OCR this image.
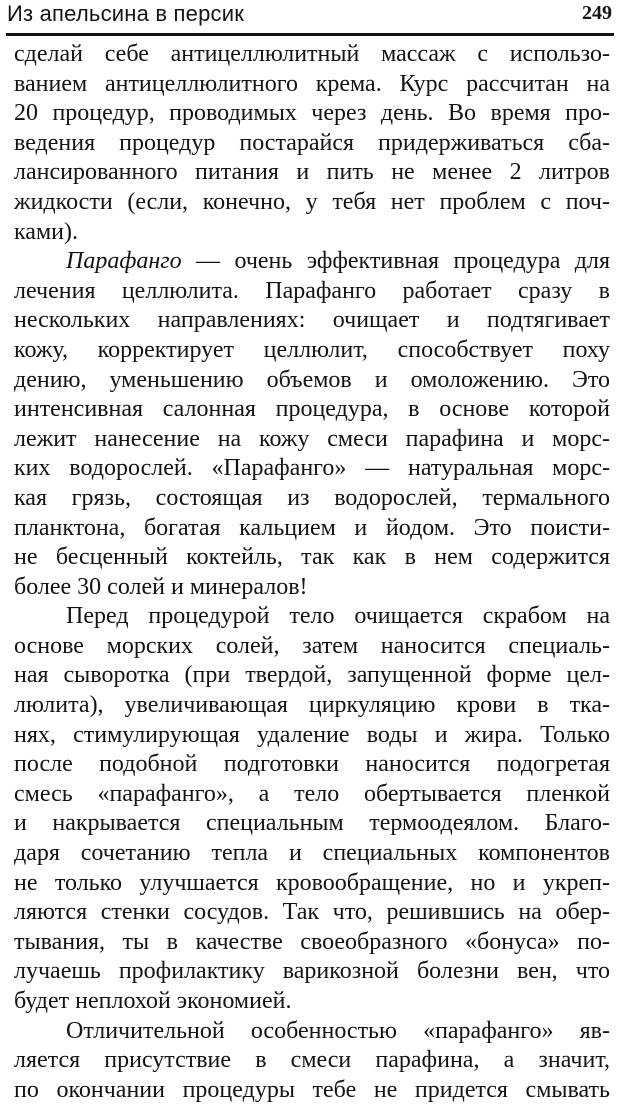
Из апельсина в персик	249
сделай себе антицеллюлитный массаж с использо-
ванием антицеллюлитного крема. Курс рассчитан на
20 процедур, проводимых через день. Во время про-
ведения процедур постарайся придерживаться сба-
лансированного питания и пить не менее 2 литров
жидкости (если, конечно, у тебя нет проблем с поч-
ками).
Парафанго — очень эффективная процедура для
лечения целлюлита. Парафанго работает сразу в
нескольких направлениях: очищает и подтягивает
кожу, корректирует целлюлит, способствует поху
дению, уменьшению объемов и омоложению. Это
интенсивная салонная процедура, в основе которой
лежит нанесение на кожу смеси парафина и морс-
ких водорослей. «Парафанго» — натуральная морс-
кая грязь, состоящая из водорослей, термального
планктона, богатая кальцием и йодом. Это поисти-
не бесценный коктейль, так как в нем содержится
более 30 солей и минералов!
Перед процедурой тело очищается скрабом на
основе морских солей, затем наносится специаль-
ная сыворотка (при твердой, запущенной форме цел-
люлита), увеличивающая циркуляцию крови в тка-
нях, стимулирующая удаление воды и жира. Только
после подобной подготовки наносится подогретая
смесь «парафанго», а тело обертывается пленкой
и накрывается специальным термоодеялом. Благо-
даря сочетанию тепла и специальных компонентов
не только улучшается кровообращение, но и укреп-
ляются стенки сосудов. Так что, решившись на обер-
тывания, ты в качестве своеобразного «бонуса» по-
лучаешь профилактику варикозной болезни вен, что
будет неплохой экономией.
Отличительной особенностью «парафанго» яв-
ляется присутствие в смеси парафина, а значит,
по окончании процедуры тебе не придется смывать
